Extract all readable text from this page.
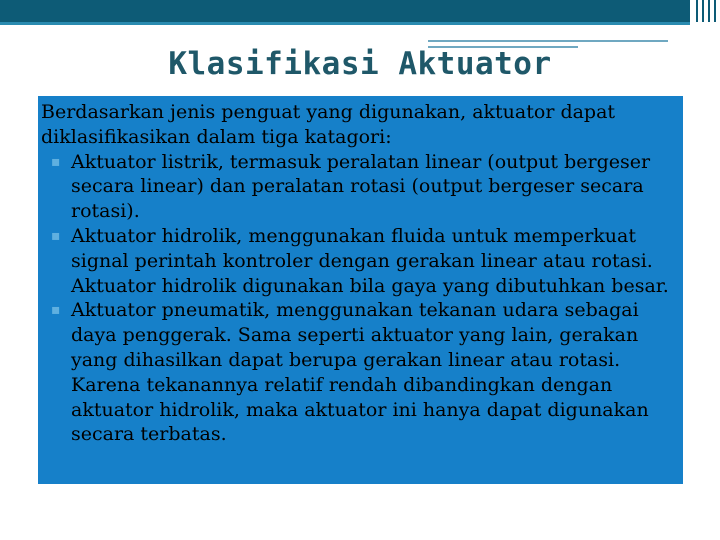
Klasifikasi Aktuator

Berdasarkan jenis penguat yang digunakan, aktuator dapat diklasifikasikan dalam tiga katagori:

▪ Aktuator listrik, termasuk peralatan linear (output bergeser secara linear) dan peralatan rotasi (output bergeser secara rotasi).
▪ Aktuator hidrolik, menggunakan fluida untuk memperkuat signal perintah kontroler dengan gerakan linear atau rotasi. Aktuator hidrolik digunakan bila gaya yang dibutuhkan besar.
▪ Aktuator pneumatik, menggunakan tekanan udara sebagai daya penggerak. Sama seperti aktuator yang lain, gerakan yang dihasilkan dapat berupa gerakan linear atau rotasi. Karena tekanannya relatif rendah dibandingkan dengan aktuator hidrolik, maka aktuator ini hanya dapat digunakan secara terbatas.
